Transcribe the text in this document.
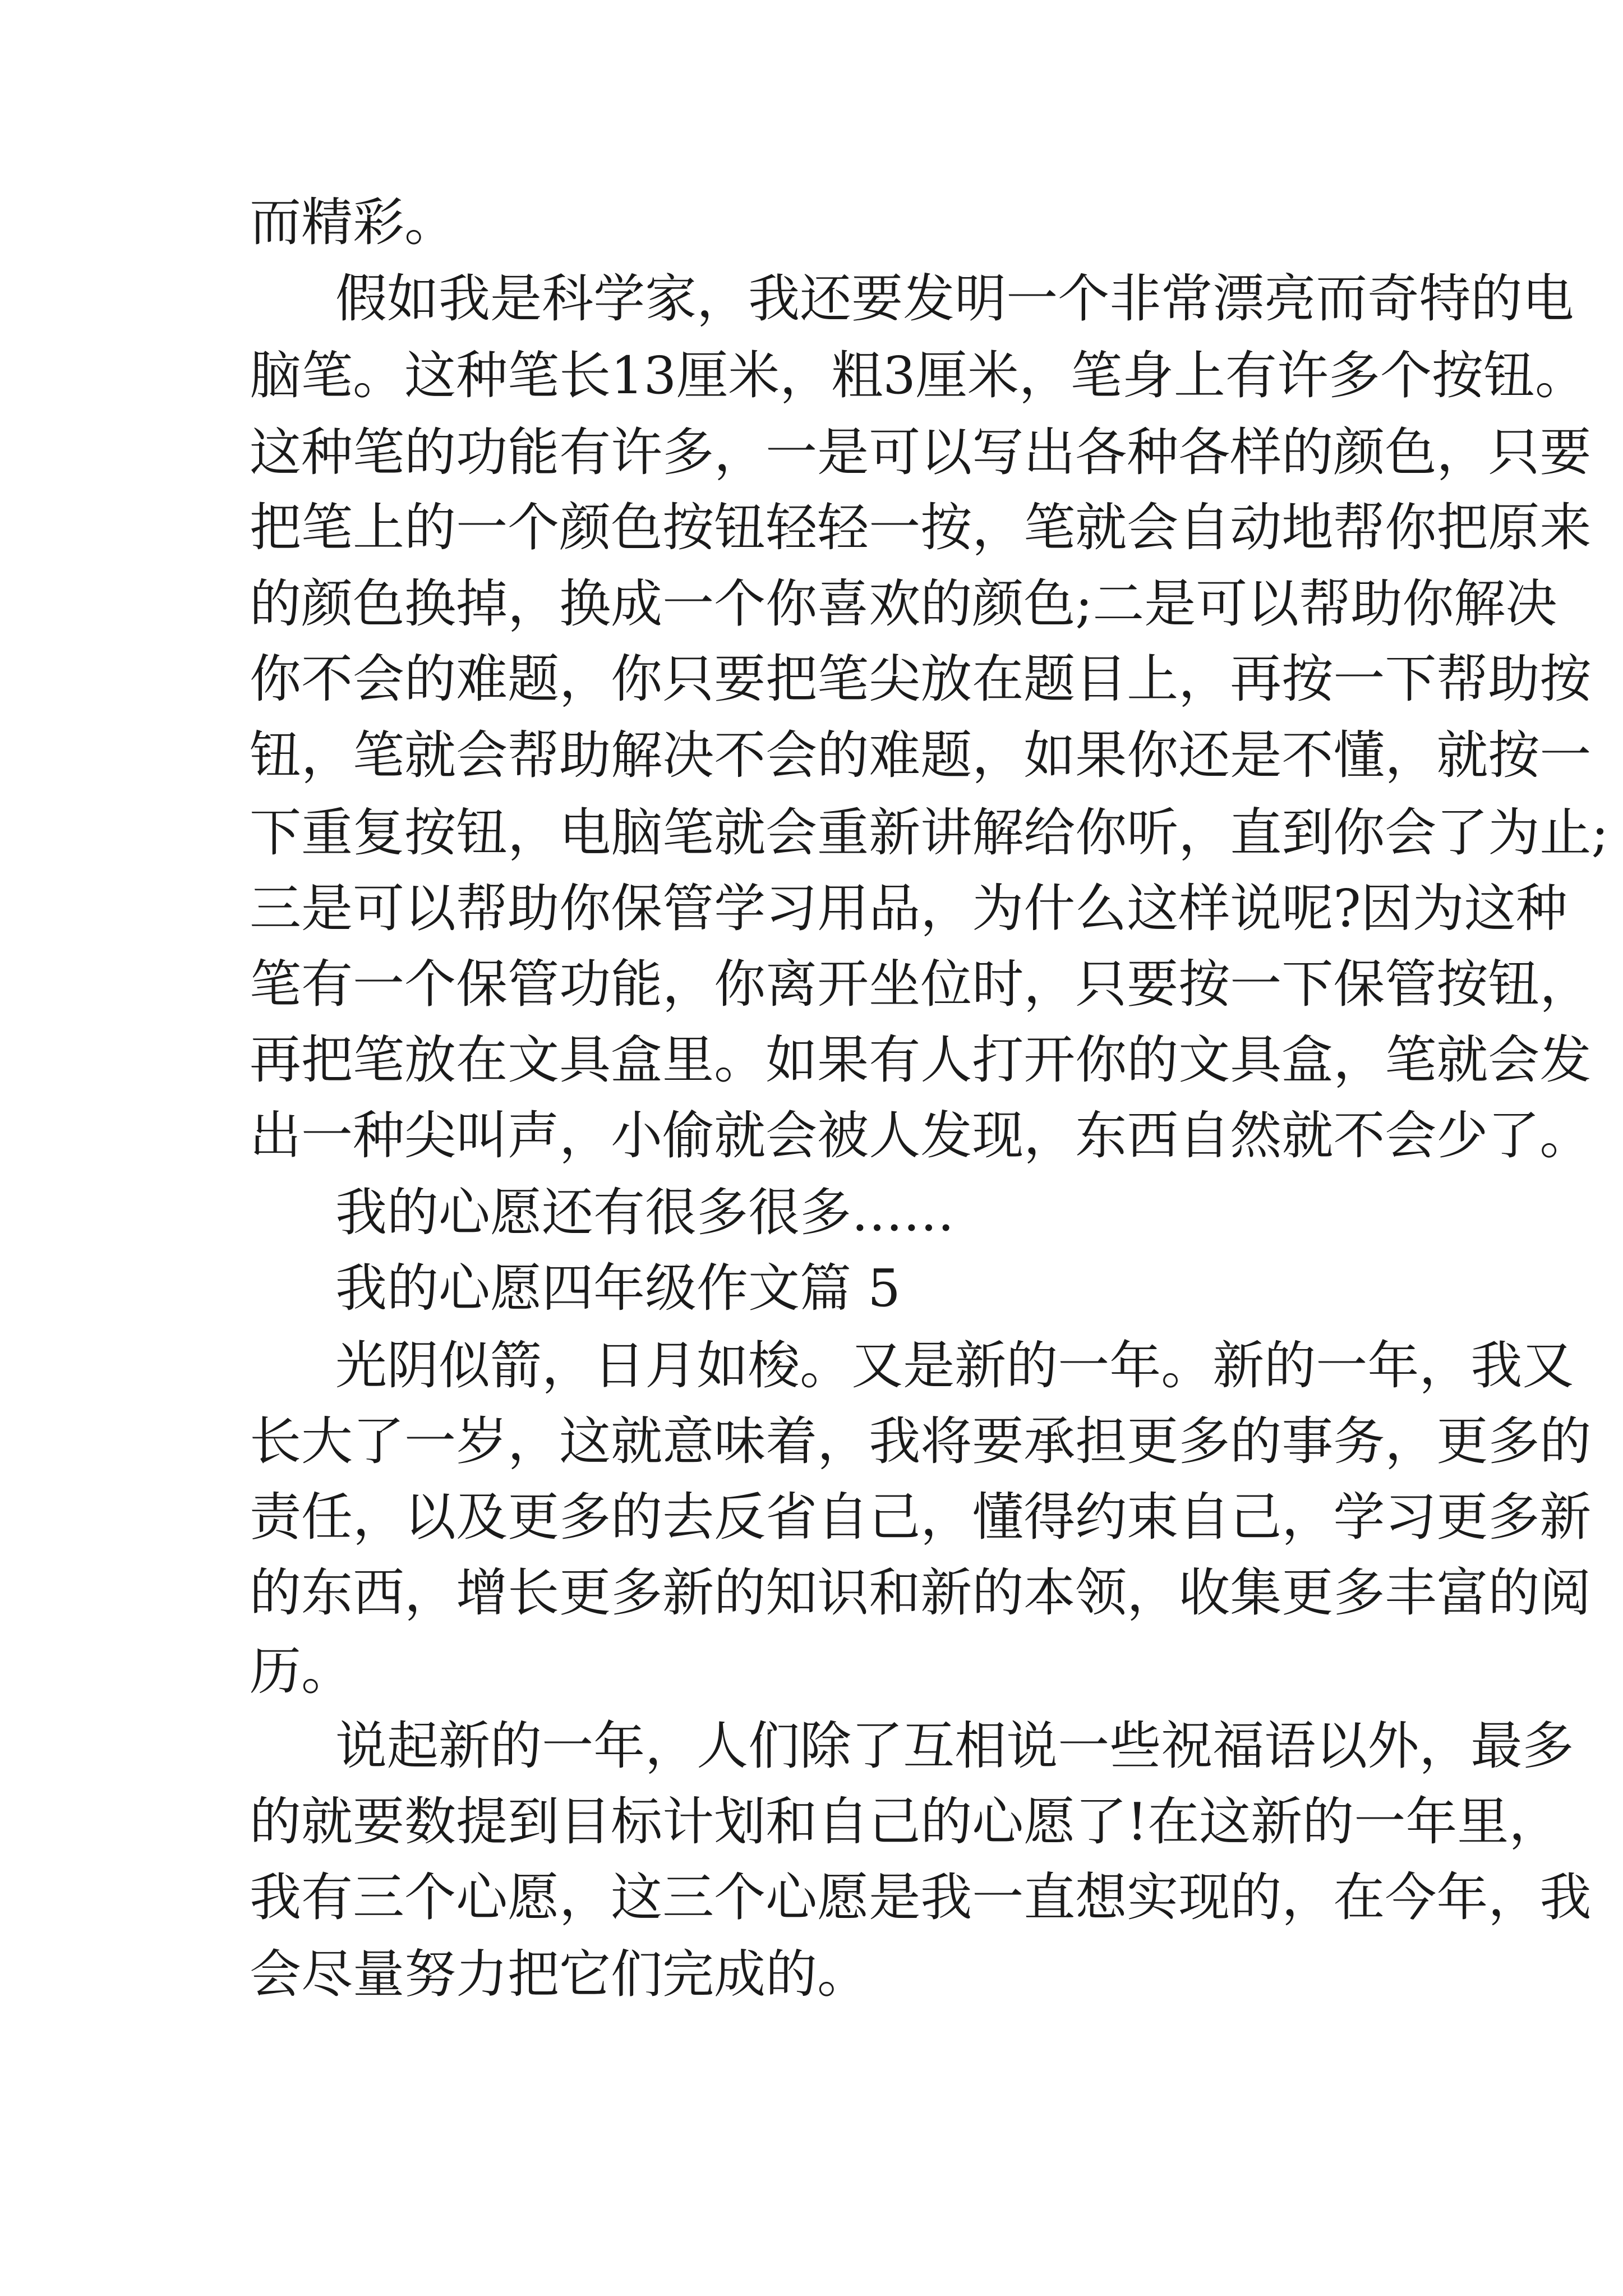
而精彩。
假 如 我 是 科 学 家 ， 我 还 要 发 明 一 个 非 常 漂 亮 而 奇 特 的 电
脑 笔 。 这 种 笔 长 13 厘 米 ， 粗 3 厘 米 ， 笔 身 上 有 许 多 个 按 钮 。
这 种 笔 的 功 能 有 许 多 ， 一 是 可 以 写 出 各 种 各 样 的 颜 色 ， 只 要
把 笔 上 的 一 个 颜 色 按 钮 轻 轻 一 按 ， 笔 就 会 自 动 地 帮 你 把 原 来
的 颜 色 换 掉 ， 换 成 一 个 你 喜 欢 的 颜 色 ; 二 是 可 以 帮 助 你 解 决
你 不 会 的 难 题 ， 你 只 要 把 笔 尖 放 在 题 目 上 ， 再 按 一 下 帮 助 按
钮 ， 笔 就 会 帮 助 解 决 不 会 的 难 题 ， 如 果 你 还 是 不 懂 ， 就 按 一
下 重 复 按 钮 ， 电 脑 笔 就 会 重 新 讲 解 给 你 听 ， 直 到 你 会 了 为 止 ;
三 是 可 以 帮 助 你 保 管 学 习 用 品 ， 为 什 么 这 样 说 呢 ? 因 为 这 种
笔 有 一 个 保 管 功 能 ， 你 离 开 坐 位 时 ， 只 要 按 一 下 保 管 按 钮 ，
再 把 笔 放 在 文 具 盒 里 。 如 果 有 人 打 开 你 的 文 具 盒 ， 笔 就 会 发
出 一 种 尖 叫 声 ， 小 偷 就 会 被 人 发 现 ， 东 西 自 然 就 不 会 少 了 。
我的心愿还有很多很多……
我的心愿四年级作文篇 5
光 阴 似 箭 ， 日 月 如 梭 。 又 是 新 的 一 年 。 新 的 一 年 ， 我 又
长 大 了 一 岁 ， 这 就 意 味 着 ， 我 将 要 承 担 更 多 的 事 务 ， 更 多 的
责 任 ， 以 及 更 多 的 去 反 省 自 己 ， 懂 得 约 束 自 己 ， 学 习 更 多 新
的 东 西 ， 增 长 更 多 新 的 知 识 和 新 的 本 领 ， 收 集 更 多 丰 富 的 阅
历。
说 起 新 的 一 年 ， 人 们 除 了 互 相 说 一 些 祝 福 语 以 外 ， 最 多
的 就 要 数 提 到 目 标 计 划 和 自 己 的 心 愿 了 ! 在 这 新 的 一 年 里 ，
我 有 三 个 心 愿 ， 这 三 个 心 愿 是 我 一 直 想 实 现 的 ， 在 今 年 ， 我
会尽量努力把它们完成的。
